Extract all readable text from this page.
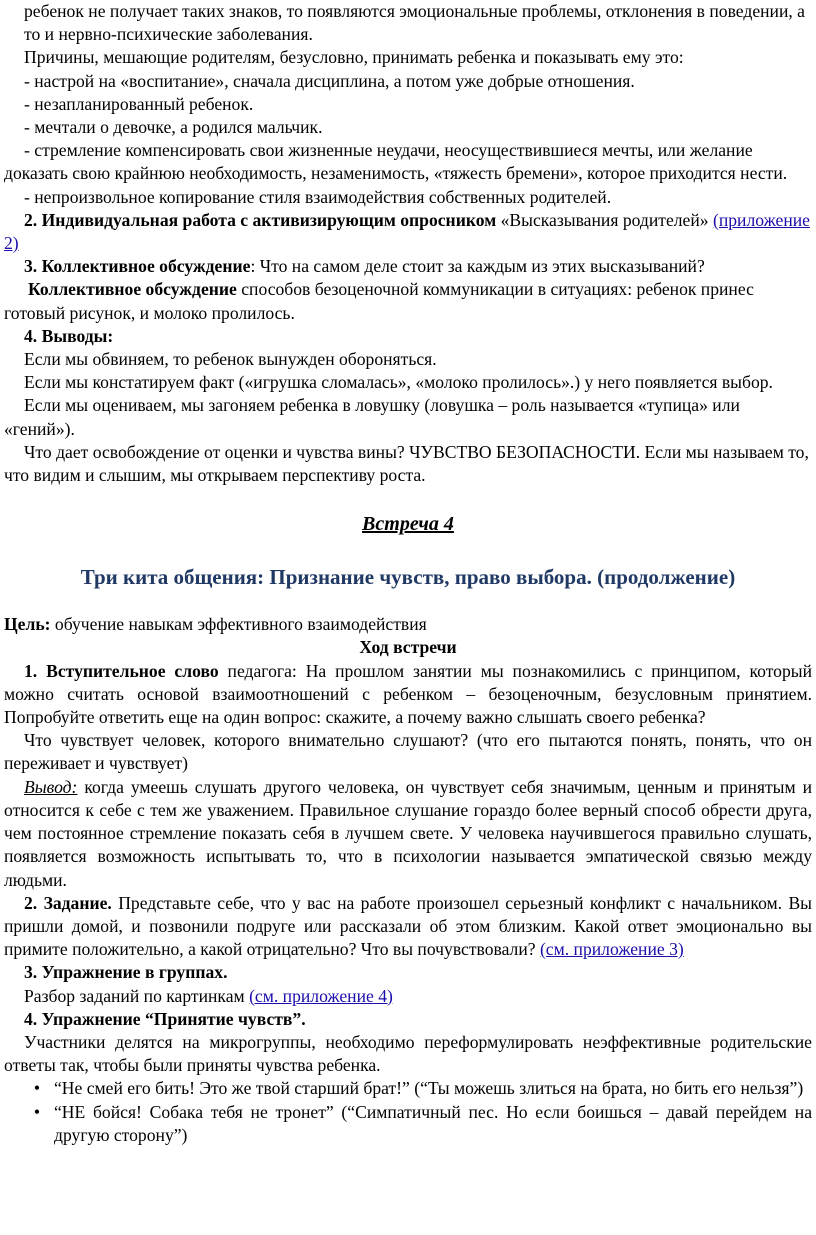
ребенок не получает таких знаков, то появляются эмоциональные проблемы, отклонения в поведении, а то и нервно-психические заболевания.

Причины, мешающие родителям, безусловно, принимать ребенка и показывать ему это:

- настрой на «воспитание», сначала дисциплина, а потом уже добрые отношения.

- незапланированный ребенок.

- мечтали о девочке, а родился мальчик.

- стремление компенсировать свои жизненные неудачи, неосуществившиеся мечты, или желание доказать свою крайнюю необходимость, незаменимость, «тяжесть бремени», которое приходится нести.

- непроизвольное копирование стиля взаимодействия собственных родителей.

2. Индивидуальная работа с активизирующим опросником «Высказывания родителей» (приложение 2)

3. Коллективное обсуждение: Что на самом деле стоит за каждым из этих высказываний?

Коллективное обсуждение способов безоценочной коммуникации в ситуациях: ребенок принес готовый рисунок, и молоко пролилось.

4. Выводы:

Если мы обвиняем, то ребенок вынужден обороняться.

Если мы констатируем факт («игрушка сломалась», «молоко пролилось».) у него появляется выбор.

Если мы оцениваем, мы загоняем ребенка в ловушку (ловушка – роль называется «тупица» или «гений»).

Что дает освобождение от оценки и чувства вины? ЧУВСТВО БЕЗОПАСНОСТИ. Если мы называем то, что видим и слышим, мы открываем перспективу роста.

Встреча 4

Три кита общения: Признание чувств, право выбора. (продолжение)

Цель: обучение навыкам эффективного взаимодействия

Ход встречи

1. Вступительное слово педагога: На прошлом занятии мы познакомились с принципом, который можно считать основой взаимоотношений с ребенком – безоценочным, безусловным принятием. Попробуйте ответить еще на один вопрос: скажите, а почему важно слышать своего ребенка?

Что чувствует человек, которого внимательно слушают? (что его пытаются понять, понять, что он переживает и чувствует)

Вывод: когда умеешь слушать другого человека, он чувствует себя значимым, ценным и принятым и относится к себе с тем же уважением. Правильное слушание гораздо более верный способ обрести друга, чем постоянное стремление показать себя в лучшем свете. У человека научившегося правильно слушать, появляется возможность испытывать то, что в психологии называется эмпатической связью между людьми.

2. Задание. Представьте себе, что у вас на работе произошел серьезный конфликт с начальником. Вы пришли домой, и позвонили подруге или рассказали об этом близким. Какой ответ эмоционально вы примите положительно, а какой отрицательно? Что вы почувствовали? (см. приложение 3)

3. Упражнение в группах.

Разбор заданий по картинкам (см. приложение 4)

4. Упражнение “Принятие чувств”.

Участники делятся на микрогруппы, необходимо переформулировать неэффективные родительские ответы так, чтобы были приняты чувства ребенка.

• “Не смей его бить! Это же твой старший брат!” (“Ты можешь злиться на брата, но бить его нельзя”)
• “НЕ бойся! Собака тебя не тронет” (“Симпатичный пес. Но если боишься – давай перейдем на другую сторону”)
